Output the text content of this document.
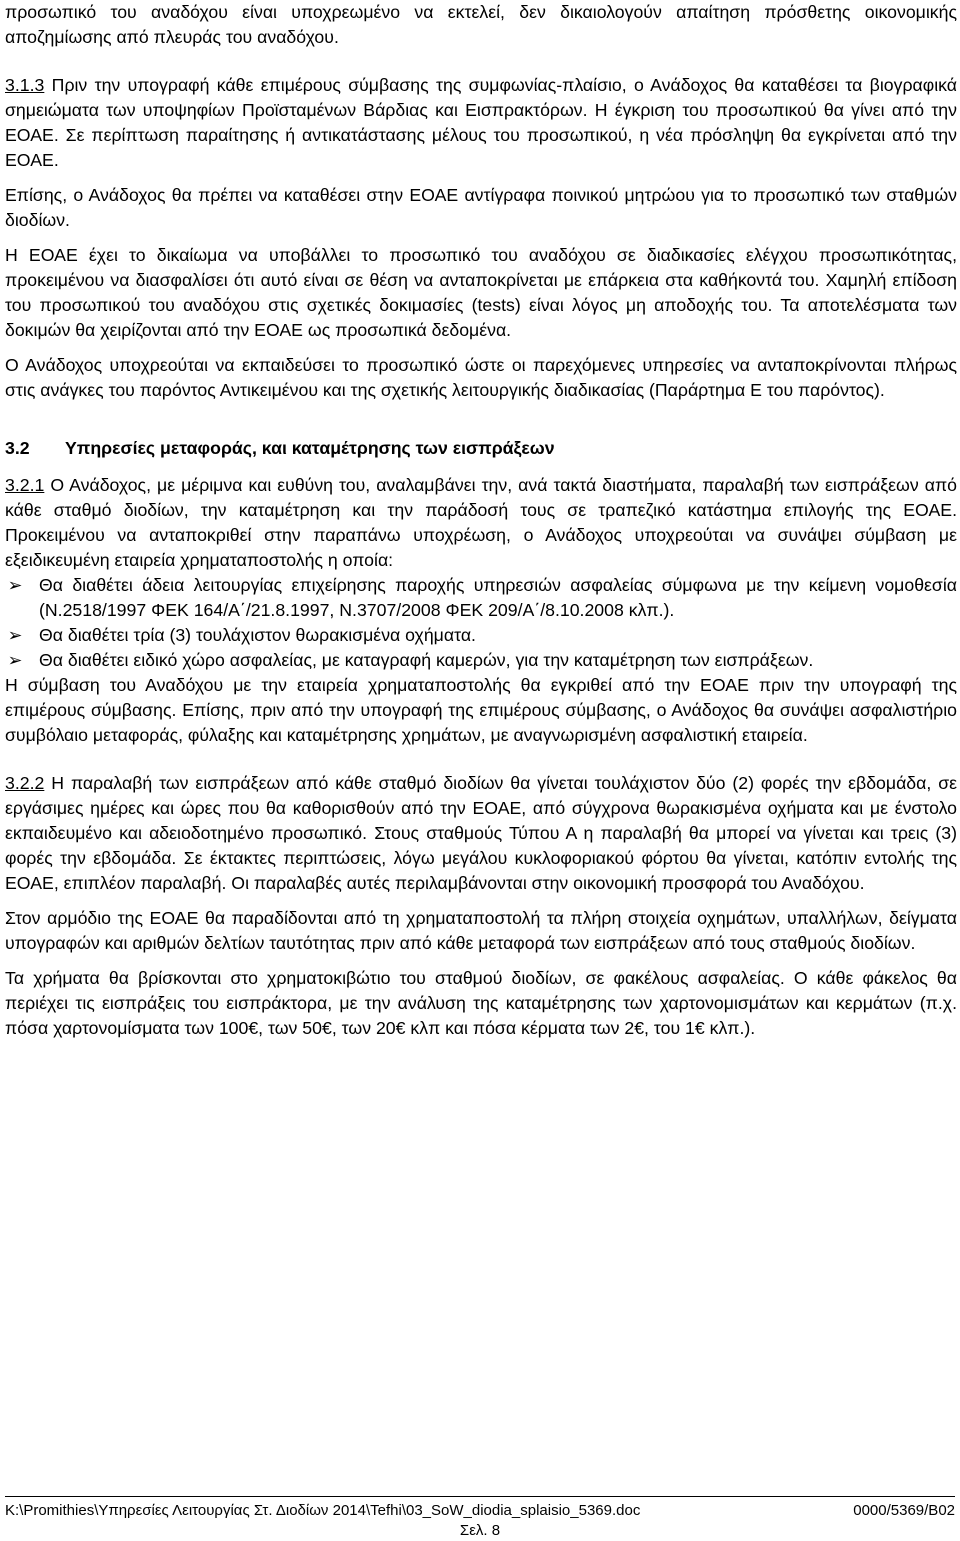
προσωπικό του αναδόχου είναι υποχρεωμένο να εκτελεί, δεν δικαιολογούν απαίτηση πρόσθετης οικονομικής αποζημίωσης από πλευράς του αναδόχου.

3.1.3 Πριν την υπογραφή κάθε επιμέρους σύμβασης της συμφωνίας-πλαίσιο, ο Ανάδοχος θα καταθέσει τα βιογραφικά σημειώματα των υποψηφίων Προϊσταμένων Βάρδιας και Εισπρακτόρων. Η έγκριση του προσωπικού θα γίνει από την ΕΟΑΕ. Σε περίπτωση παραίτησης ή αντικατάστασης μέλους του προσωπικού, η νέα πρόσληψη θα εγκρίνεται από την ΕΟΑΕ.

Επίσης, ο Ανάδοχος θα πρέπει να καταθέσει στην ΕΟΑΕ αντίγραφα ποινικού μητρώου για το προσωπικό των σταθμών διοδίων.

Η ΕΟΑΕ έχει το δικαίωμα να υποβάλλει το προσωπικό του αναδόχου σε διαδικασίες ελέγχου προσωπικότητας, προκειμένου να διασφαλίσει ότι αυτό είναι σε θέση να ανταποκρίνεται με επάρκεια στα καθήκοντά του. Χαμηλή επίδοση του προσωπικού του αναδόχου στις σχετικές δοκιμασίες (tests) είναι λόγος μη αποδοχής του. Τα αποτελέσματα των δοκιμών θα χειρίζονται από την ΕΟΑΕ ως προσωπικά δεδομένα.

Ο Ανάδοχος υποχρεούται να εκπαιδεύσει το προσωπικό ώστε οι παρεχόμενες υπηρεσίες να ανταποκρίνονται πλήρως στις ανάγκες του παρόντος Αντικειμένου και της σχετικής λειτουργικής διαδικασίας (Παράρτημα Ε του παρόντος).

3.2 Υπηρεσίες μεταφοράς, και καταμέτρησης των εισπράξεων

3.2.1 Ο Ανάδοχος, με μέριμνα και ευθύνη του, αναλαμβάνει την, ανά τακτά διαστήματα, παραλαβή των εισπράξεων από κάθε σταθμό διοδίων, την καταμέτρηση και την παράδοσή τους σε τραπεζικό κατάστημα επιλογής της ΕΟΑΕ. Προκειμένου να ανταποκριθεί στην παραπάνω υποχρέωση, ο Ανάδοχος υποχρεούται να συνάψει σύμβαση με εξειδικευμένη εταιρεία χρηματαποστολής η οποία:

➢ Θα διαθέτει άδεια λειτουργίας επιχείρησης παροχής υπηρεσιών ασφαλείας σύμφωνα με την κείμενη νομοθεσία (Ν.2518/1997 ΦΕΚ 164/Α΄/21.8.1997, Ν.3707/2008 ΦΕΚ 209/Α΄/8.10.2008 κλπ.).
➢ Θα διαθέτει τρία (3) τουλάχιστον θωρακισμένα οχήματα.
➢ Θα διαθέτει ειδικό χώρο ασφαλείας, με καταγραφή καμερών, για την καταμέτρηση των εισπράξεων.

Η σύμβαση του Αναδόχου με την εταιρεία χρηματαποστολής θα εγκριθεί από την ΕΟΑΕ πριν την υπογραφή της επιμέρους σύμβασης. Επίσης, πριν από την υπογραφή της επιμέρους σύμβασης, ο Ανάδοχος θα συνάψει ασφαλιστήριο συμβόλαιο μεταφοράς, φύλαξης και καταμέτρησης χρημάτων, με αναγνωρισμένη ασφαλιστική εταιρεία.

3.2.2 Η παραλαβή των εισπράξεων από κάθε σταθμό διοδίων θα γίνεται τουλάχιστον δύο (2) φορές την εβδομάδα, σε εργάσιμες ημέρες και ώρες που θα καθορισθούν από την ΕΟΑΕ, από σύγχρονα θωρακισμένα οχήματα και με ένστολο εκπαιδευμένο και αδειοδοτημένο προσωπικό. Στους σταθμούς Τύπου Α η παραλαβή θα μπορεί να γίνεται και τρεις (3) φορές την εβδομάδα. Σε έκτακτες περιπτώσεις, λόγω μεγάλου κυκλοφοριακού φόρτου θα γίνεται, κατόπιν εντολής της ΕΟΑΕ, επιπλέον παραλαβή. Οι παραλαβές αυτές περιλαμβάνονται στην οικονομική προσφορά του Αναδόχου.

Στον αρμόδιο της ΕΟΑΕ θα παραδίδονται από τη χρηματαποστολή τα πλήρη στοιχεία οχημάτων, υπαλλήλων, δείγματα υπογραφών και αριθμών δελτίων ταυτότητας πριν από κάθε μεταφορά των εισπράξεων από τους σταθμούς διοδίων.

Τα χρήματα θα βρίσκονται στο χρηματοκιβώτιο του σταθμού διοδίων, σε φακέλους ασφαλείας. Ο κάθε φάκελος θα περιέχει τις εισπράξεις του εισπράκτορα, με την ανάλυση της καταμέτρησης των χαρτονομισμάτων και κερμάτων (π.χ. πόσα χαρτονομίσματα των 100€, των 50€, των 20€ κλπ και πόσα κέρματα των 2€, του 1€ κλπ.).

K:\Promithies\Υπηρεσίες Λειτουργίας Στ. Διοδίων 2014\Tefhi\03_SoW_diodia_splaisio_5369.doc	0000/5369/Β02
Σελ. 8
